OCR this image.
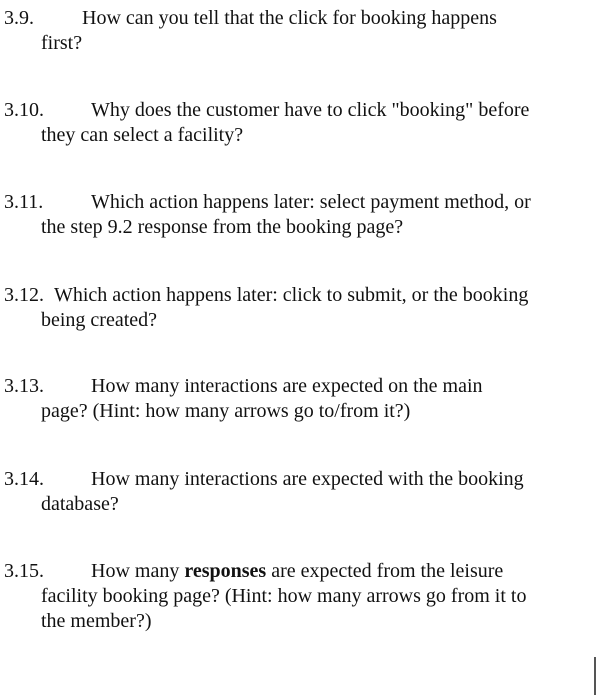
3.9. How can you tell that the click for booking happens
first?
3.10. Why does the customer have to click "booking" before
they can select a facility?
3.11. Which action happens later: select payment method, or
the step 9.2 response from the booking page?
3.12. Which action happens later: click to submit, or the booking
being created?
3.13. How many interactions are expected on the main
page? (Hint: how many arrows go to/from it?)
3.14. How many interactions are expected with the booking
database?
3.15. How many responses are expected from the leisure
facility booking page? (Hint: how many arrows go from it to
the member?)
